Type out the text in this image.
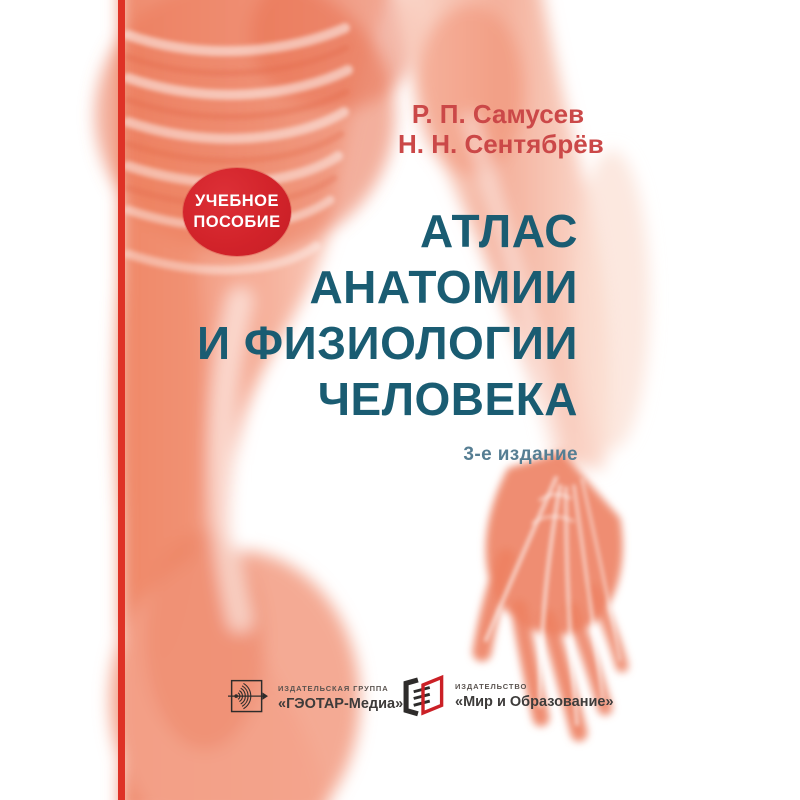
Р. П. Самусев
Н. Н. Сентябрёв
УЧЕБНОЕ
ПОСОБИЕ	АТЛАС
АНАТОМИИ
И ФИЗИОЛОГИИ
ЧЕЛОВЕКА
3-е издание
ИЗДАТЕЛЬСКАЯ ГРУППА
«ГЭОТАР-Медиа»
ИЗДАТЕЛЬСТВО
«Мир и Образование»
